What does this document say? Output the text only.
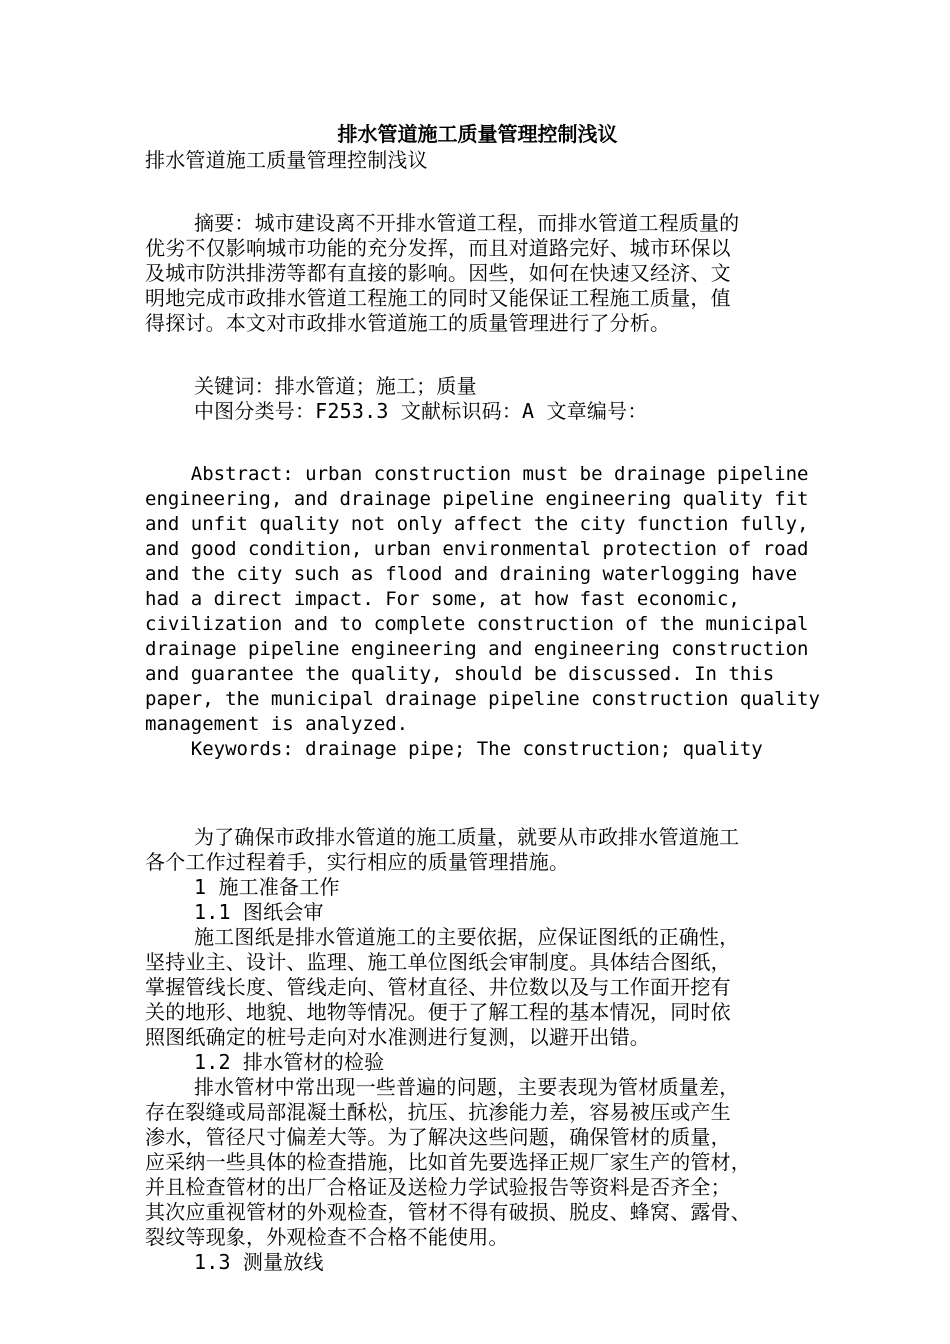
排水管道施工质量管理控制浅议
排水管道施工质量管理控制浅议
摘要：城市建设离不开排水管道工程，而排水管道工程质量的
优劣不仅影响城市功能的充分发挥，而且对道路完好、城市环保以
及城市防洪排涝等都有直接的影响。因些，如何在快速又经济、文
明地完成市政排水管道工程施工的同时又能保证工程施工质量，值
得探讨。本文对市政排水管道施工的质量管理进行了分析。
关键词：排水管道；施工；质量
中图分类号：F253.3 文献标识码：A 文章编号：
Abstract: urban construction must be drainage pipeline
engineering, and drainage pipeline engineering quality fit
and unfit quality not only affect the city function fully,
and good condition, urban environmental protection of road
and the city such as flood and draining waterlogging have
had a direct impact. For some, at how fast economic,
civilization and to complete construction of the municipal
drainage pipeline engineering and engineering construction
and guarantee the quality, should be discussed. In this
paper, the municipal drainage pipeline construction quality
management is analyzed.
Keywords: drainage pipe; The construction; quality
为了确保市政排水管道的施工质量，就要从市政排水管道施工
各个工作过程着手，实行相应的质量管理措施。
1 施工准备工作
1.1 图纸会审
施工图纸是排水管道施工的主要依据，应保证图纸的正确性，
坚持业主、设计、监理、施工单位图纸会审制度。具体结合图纸，
掌握管线长度、管线走向、管材直径、井位数以及与工作面开挖有
关的地形、地貌、地物等情况。便于了解工程的基本情况，同时依
照图纸确定的桩号走向对水准测进行复测，以避开出错。
1.2 排水管材的检验
排水管材中常出现一些普遍的问题，主要表现为管材质量差，
存在裂缝或局部混凝土酥松，抗压、抗渗能力差，容易被压或产生
渗水，管径尺寸偏差大等。为了解决这些问题，确保管材的质量，
应采纳一些具体的检查措施，比如首先要选择正规厂家生产的管材，
并且检查管材的出厂合格证及送检力学试验报告等资料是否齐全；
其次应重视管材的外观检查，管材不得有破损、脱皮、蜂窝、露骨、
裂纹等现象，外观检查不合格不能使用。
1.3 测量放线
